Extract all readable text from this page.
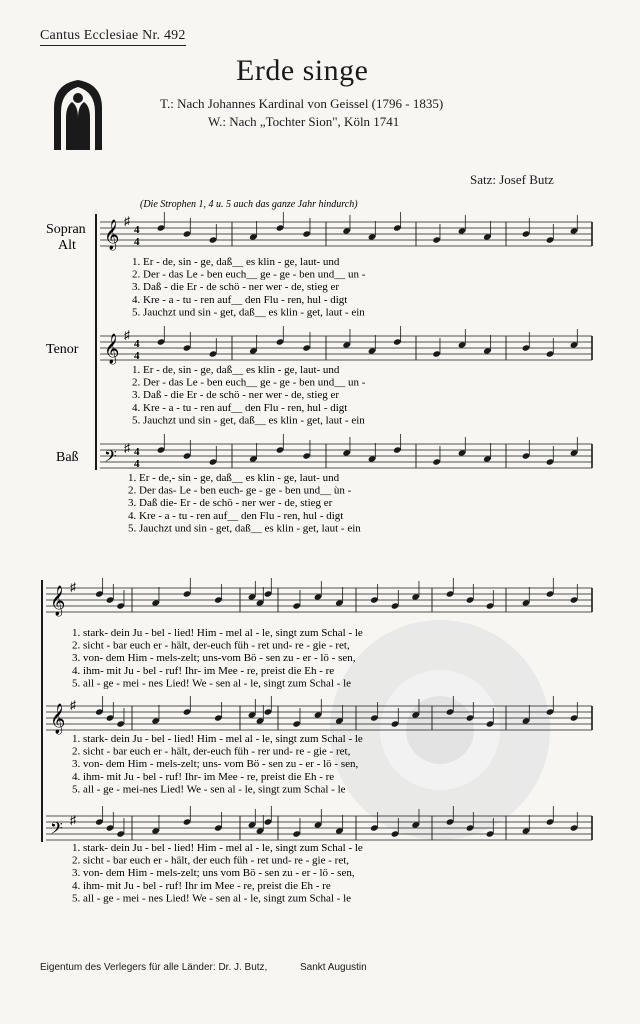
Cantus Ecclesiae Nr. 492
Erde singe
T.: Nach Johannes Kardinal von Geissel (1796 - 1835)
W.: Nach „Tochter Sion", Köln 1741
Satz: Josef Butz
(Die Strophen 1, 4 u. 5 auch das ganze Jahr hindurch)
Sopran
Alt
Tenor
Baß
𝄞 ♯
𝄞 ♯
𝄢 ♯
4
4
4
4
4
4
𝄞 ♯
𝄞 ♯
𝄢 ♯
1. Er - de, sin - ge, daß__ es klin - ge, laut- und
2. Der - das Le - ben euch__ ge - ge - ben und__ un -
3. Daß - die Er - de schö - ner wer - de, stieg er
4. Kre - a - tu - ren auf__ den Flu - ren, hul - digt
5. Jauchzt und sin - get, daß__ es klin - get, laut - ein
1. Er - de, sin - ge, daß__ es klin - ge, laut- und
2. Der - das Le - ben euch__ ge - ge - ben und__ un -
3. Daß - die Er - de schö - ner wer - de, stieg er
4. Kre - a - tu - ren auf__ den Flu - ren, hul - digt
5. Jauchzt und sin - get, daß__ es klin - get, laut - ein
1. Er - de,- sin - ge, daß__ es klin - ge, laut- und
2. Der das- Le - ben euch- ge - ge - ben und__ ùn -
3. Daß die- Er - de schö - ner wer - de, stieg er
4. Kre - a - tu - ren auf__ den Flu - ren, hul - digt
5. Jauchzt und sin - get, daß__ es klin - get, laut - ein
1. stark- dein Ju - bel - lied! Him - mel al - le, singt zum Schal - le
2. sicht - bar euch er - hält, der-euch füh - ret und- re - gie - ret,
3. von- dem Him - mels-zelt; uns-vom Bö - sen zu - er - lö - sen,
4. ihm- mit Ju - bel - ruf! Ihr- im Mee - re, preist die Eh - re
5. all - ge - mei - nes Lied! We - sen al - le, singt zum Schal - le
1. stark- dein Ju - bel - lied! Him - mel al - le, singt zum Schal - le
2. sicht - bar euch er - hält, der-euch füh - rer und- re - gie - ret,
3. von- dem Him - mels-zelt; uns- vom Bö - sen zu - er - lö - sen,
4. ihm- mit Ju - bel - ruf! Ihr- im Mee - re, preist die Eh - re
5. all - ge - mei-nes Lied! We - sen al - le, singt zum Schal - le
1. stark- dein Ju - bel - lied! Him - mel al - le, singt zum Schal - le
2. sicht - bar euch er - hält, der euch füh - ret und- re - gie - ret,
3. von- dem Him - mels-zelt; uns vom Bö - sen zu - er - lö - sen,
4. ihm- mit Ju - bel - ruf! Ihr im Mee - re, preist die Eh - re
5. all - ge - mei - nes Lied! We - sen al - le, singt zum Schal - le
Eigentum des Verlegers für alle Länder: Dr. J. Butz,	Sankt Augustin
